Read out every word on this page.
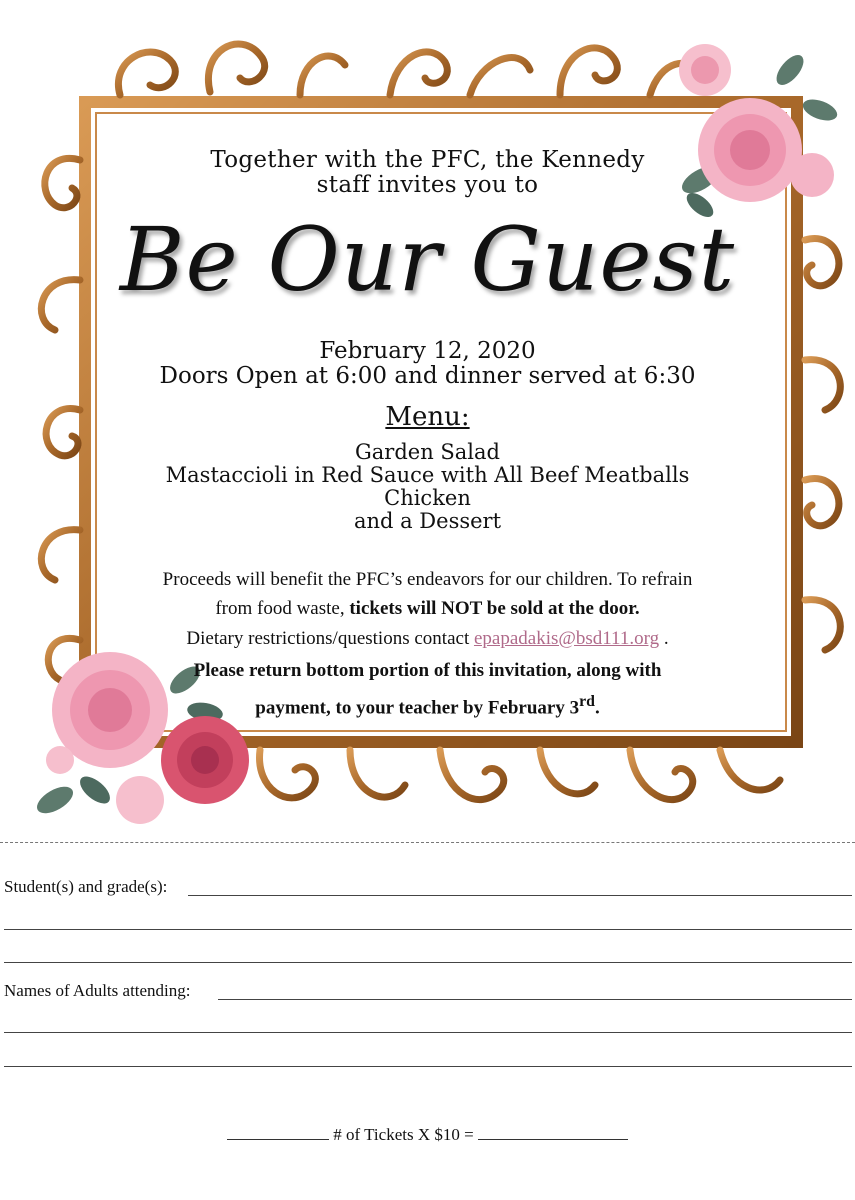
Together with the PFC, the Kennedy
staff invites you to
Be Our Guest
February 12, 2020
Doors Open at 6:00 and dinner served at 6:30
Menu:
Garden Salad
Mastaccioli in Red Sauce with All Beef Meatballs
Chicken
and a Dessert
Proceeds will benefit the PFC’s endeavors for our children. To refrain
from food waste, tickets will NOT be sold at the door.
Dietary restrictions/questions contact epapadakis@bsd111.org .
Please return bottom portion of this invitation, along with
payment, to your teacher by February 3rd.
Student(s) and grade(s):
Names of Adults attending:
# of Tickets X $10 =
